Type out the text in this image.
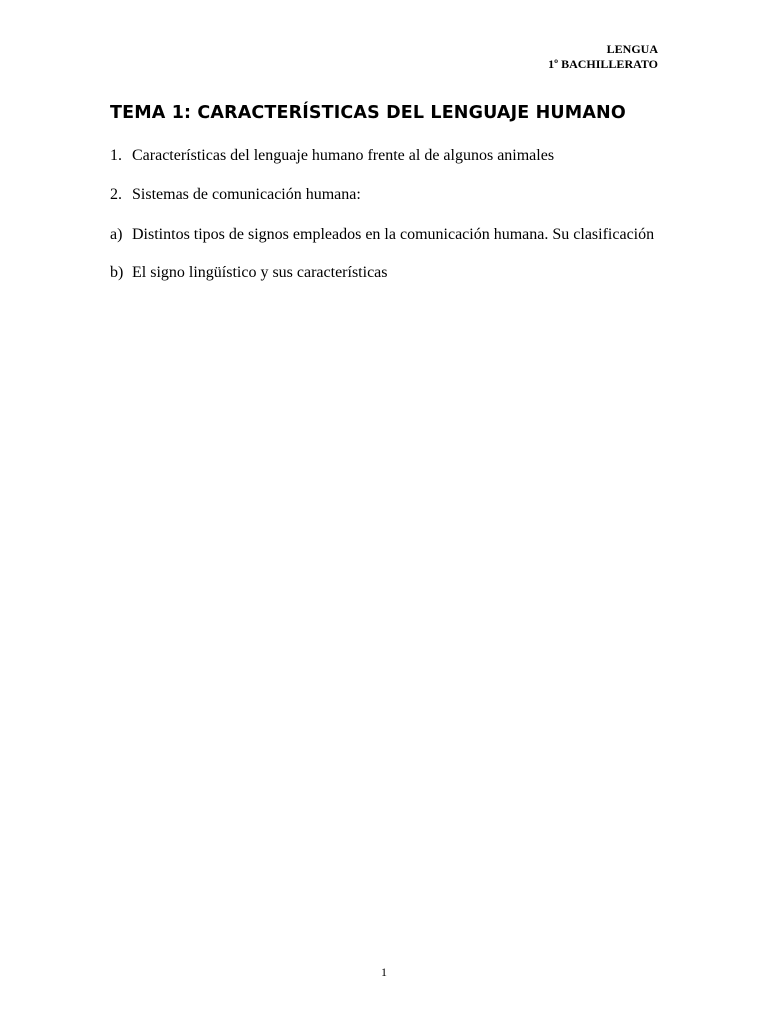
LENGUA
1º BACHILLERATO
TEMA 1: CARACTERÍSTICAS DEL LENGUAJE HUMANO
1. Características del lenguaje humano frente al de algunos animales
2. Sistemas de comunicación humana:
a) Distintos tipos de signos empleados en la comunicación humana. Su clasificación
b) El signo lingüístico y sus características
1
